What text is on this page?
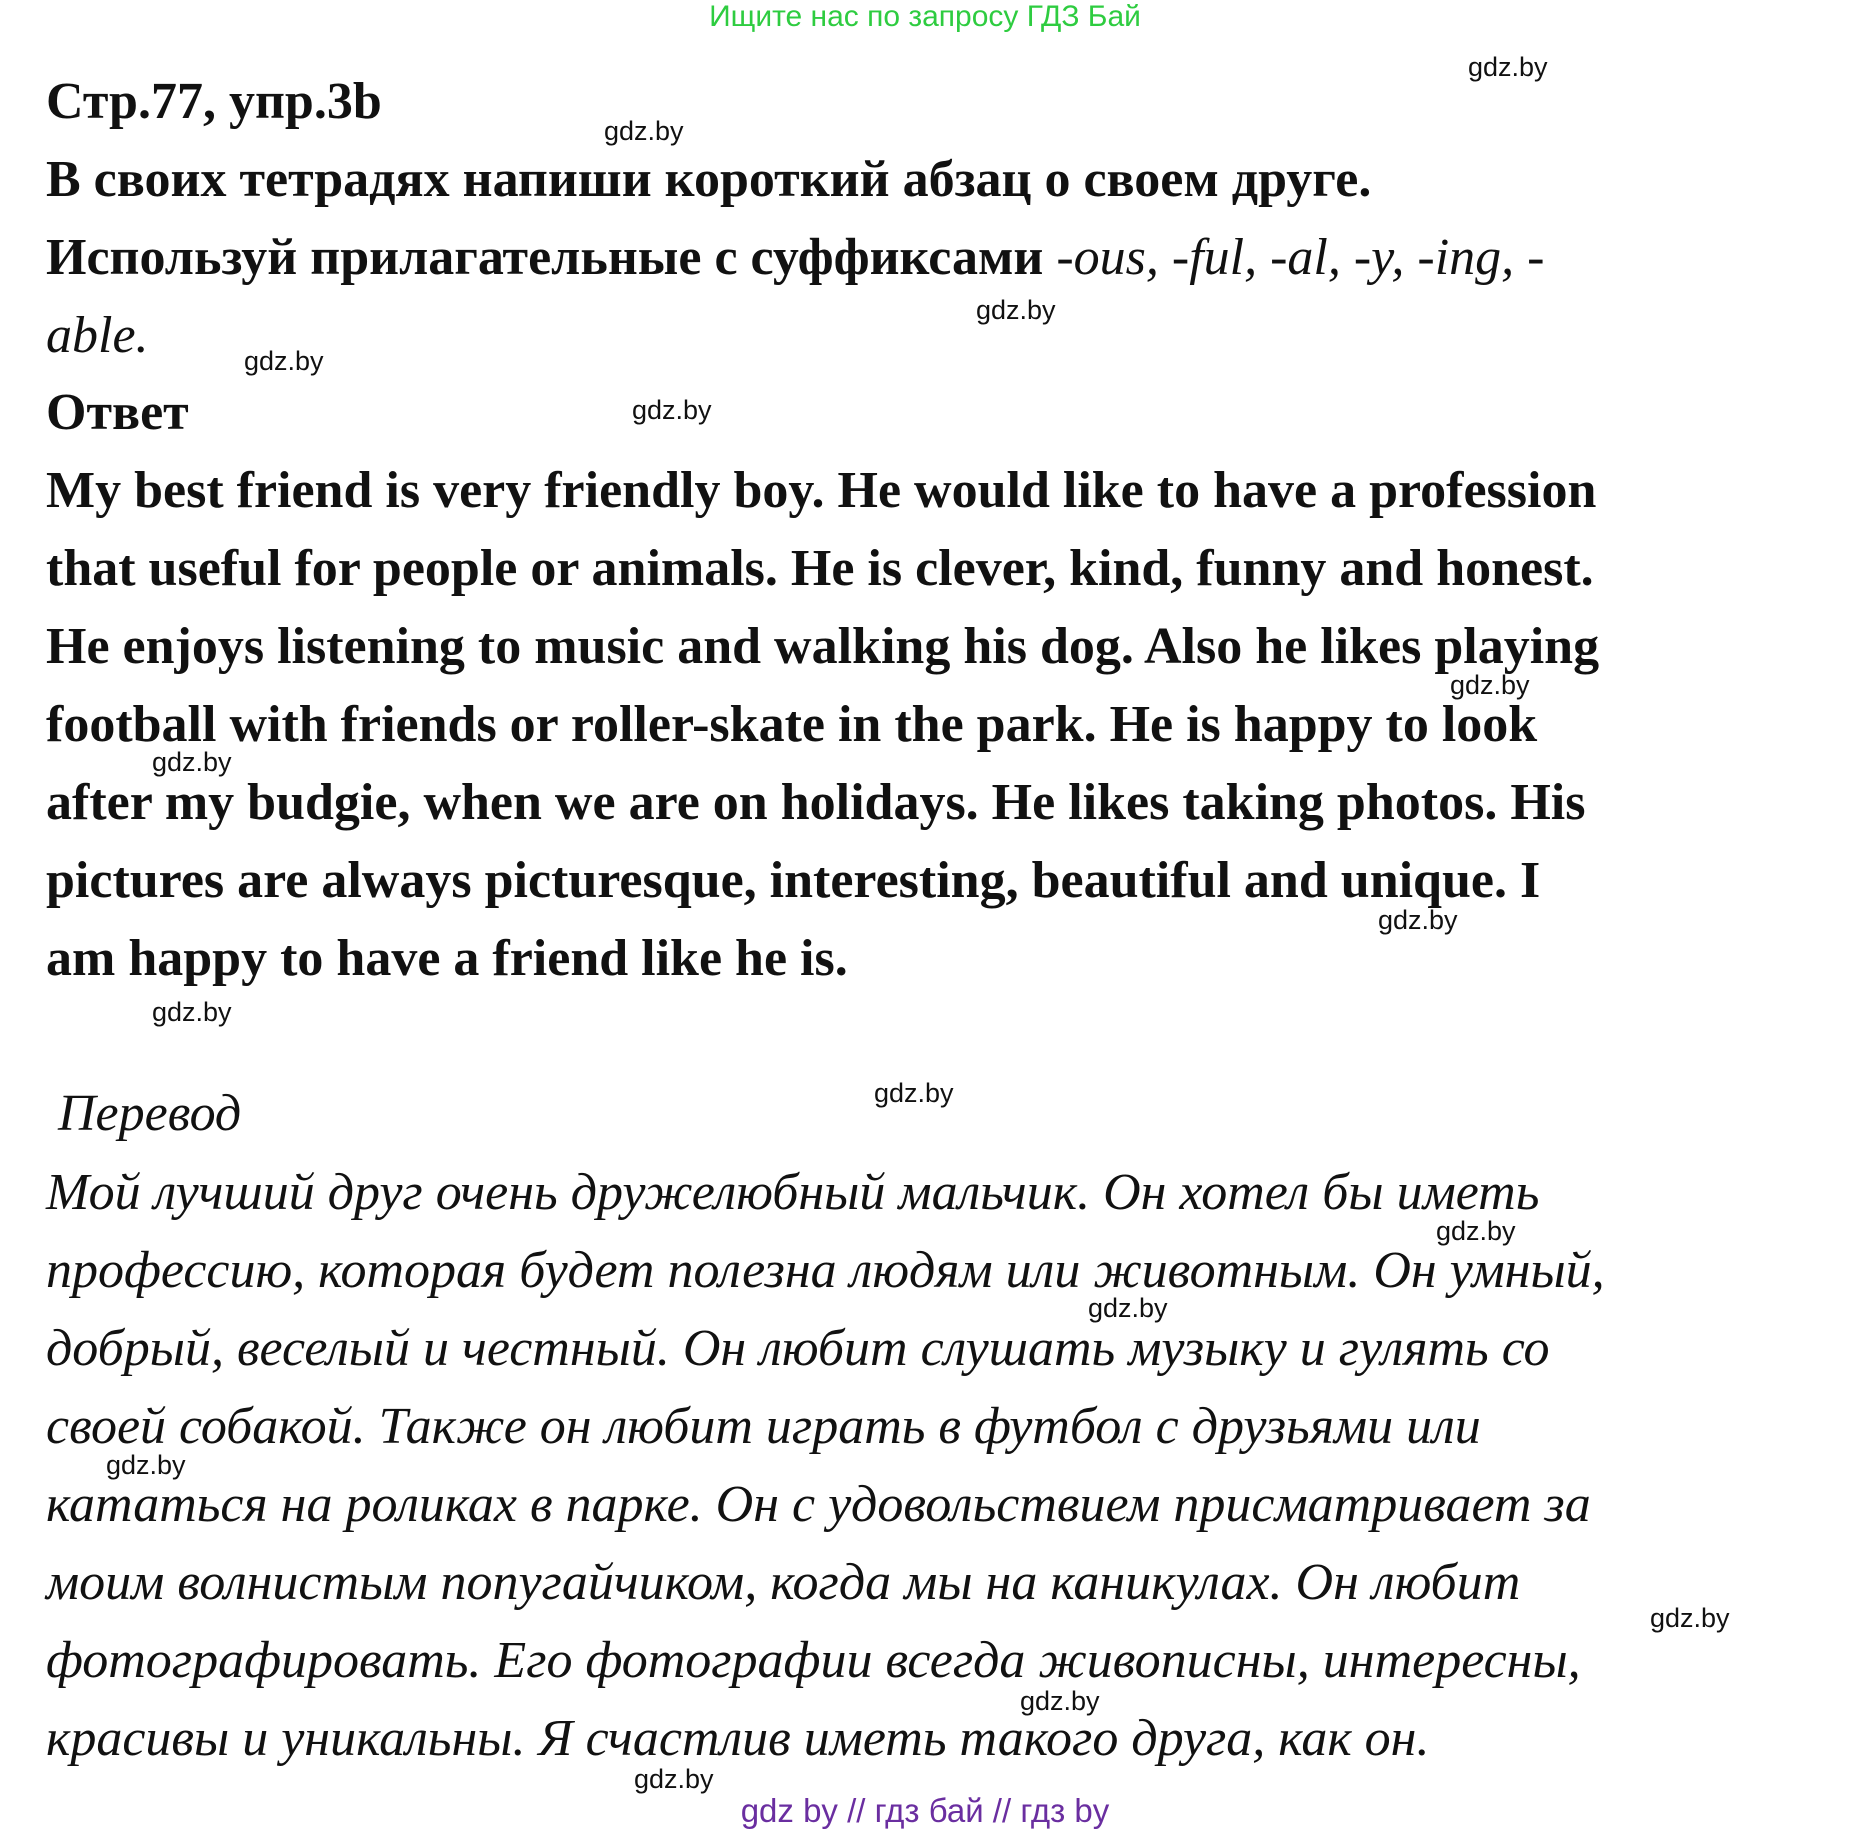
Ищите нас по запросу ГДЗ Бай
Стр.77, упр.3b
В своих тетрадях напиши короткий абзац о своем друге.
Используй прилагательные с суффиксами -ous, -ful, -al, -y, -ing, -
able.
Ответ
My best friend is very friendly boy. He would like to have a profession
that useful for people or animals. He is clever, kind, funny and honest.
He enjoys listening to music and walking his dog. Also he likes playing
football with friends or roller-skate in the park. He is happy to look
after my budgie, when we are on holidays. He likes taking photos. His
pictures are always picturesque, interesting, beautiful and unique. I
am happy to have a friend like he is.
Перевод
Мой лучший друг очень дружелюбный мальчик. Он хотел бы иметь
профессию, которая будет полезна людям или животным. Он умный,
добрый, веселый и честный. Он любит слушать музыку и гулять со
своей собакой. Также он любит играть в футбол с друзьями или
кататься на роликах в парке. Он с удовольствием присматривает за
моим волнистым попугайчиком, когда мы на каникулах. Он любит
фотографировать. Его фотографии всегда живописны, интересны,
красивы и уникальны. Я счастлив иметь такого друга, как он.
gdz.by
gdz.by
gdz.by
gdz.by
gdz.by
gdz.by
gdz.by
gdz.by
gdz.by
gdz.by
gdz.by
gdz.by
gdz.by
gdz.by
gdz.by
gdz.by
gdz by // гдз бай // гдз by
